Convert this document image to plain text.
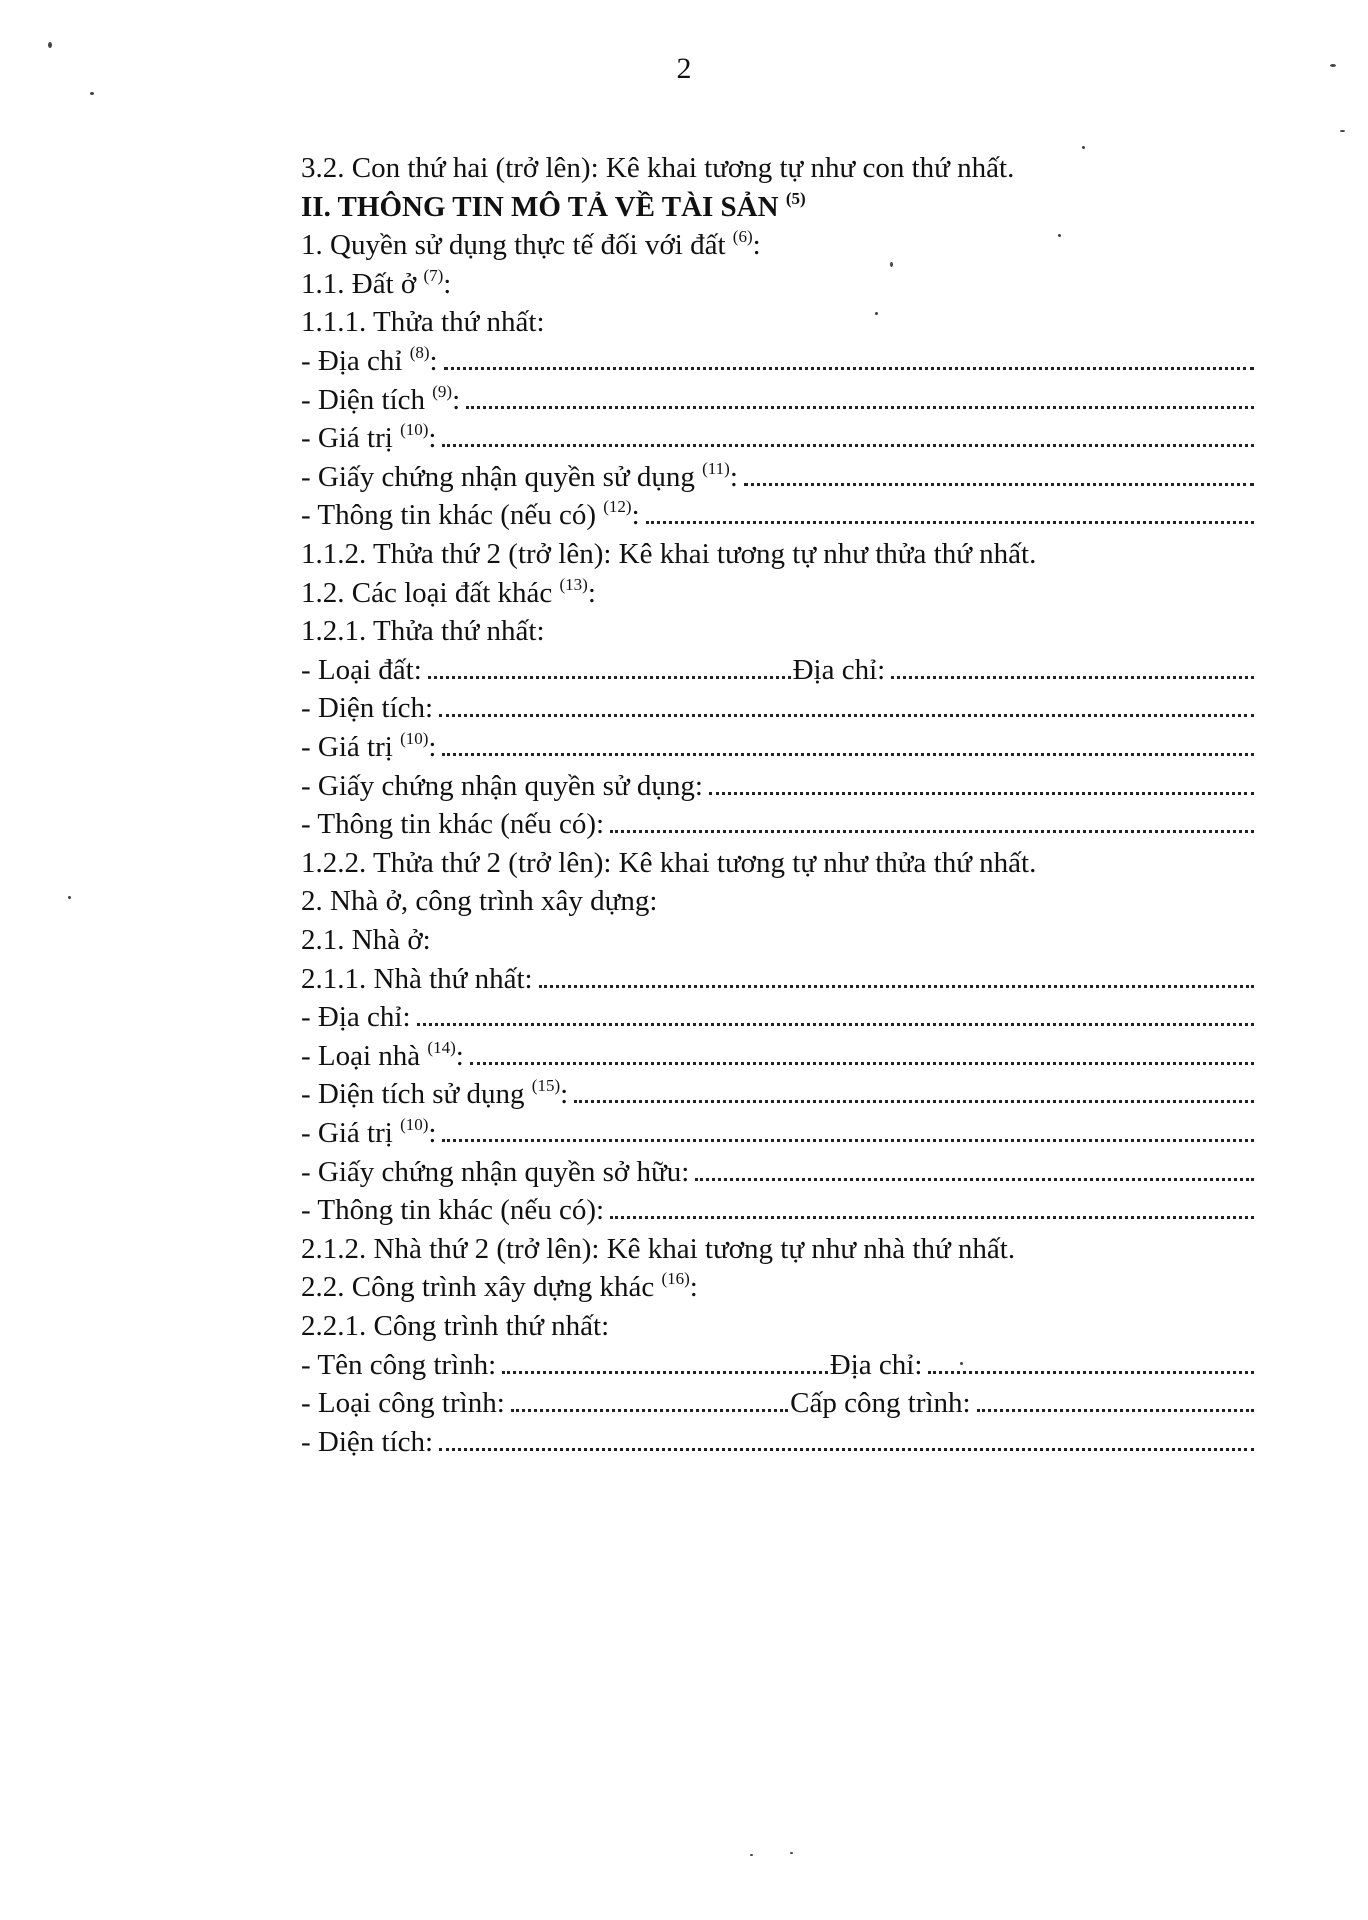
2
3.2. Con thứ hai (trở lên): Kê khai tương tự như con thứ nhất.
II. THÔNG TIN MÔ TẢ VỀ TÀI SẢN $^{(5)}$
1. Quyền sử dụng thực tế đối với đất $^{(6)}$:
1.1. Đất ở $^{(7)}$:
1.1.1. Thửa thứ nhất:
- Địa chỉ $^{(8)}$:
- Diện tích $^{(9)}$:
- Giá trị $^{(10)}$:
- Giấy chứng nhận quyền sử dụng $^{(11)}$:
- Thông tin khác (nếu có) $^{(12)}$:
1.1.2. Thửa thứ 2 (trở lên): Kê khai tương tự như thửa thứ nhất.
1.2. Các loại đất khác $^{(13)}$:
1.2.1. Thửa thứ nhất:
- Loại đất:	Địa chỉ:
- Diện tích:
- Giá trị $^{(10)}$:
- Giấy chứng nhận quyền sử dụng:
- Thông tin khác (nếu có):
1.2.2. Thửa thứ 2 (trở lên): Kê khai tương tự như thửa thứ nhất.
2. Nhà ở, công trình xây dựng:
2.1. Nhà ở:
2.1.1. Nhà thứ nhất:
- Địa chỉ:
- Loại nhà $^{(14)}$:
- Diện tích sử dụng $^{(15)}$:
- Giá trị $^{(10)}$:
- Giấy chứng nhận quyền sở hữu:
- Thông tin khác (nếu có):
2.1.2. Nhà thứ 2 (trở lên): Kê khai tương tự như nhà thứ nhất.
2.2. Công trình xây dựng khác $^{(16)}$:
2.2.1. Công trình thứ nhất:
- Tên công trình:	Địa chỉ:
- Loại công trình:	Cấp công trình:
- Diện tích:
